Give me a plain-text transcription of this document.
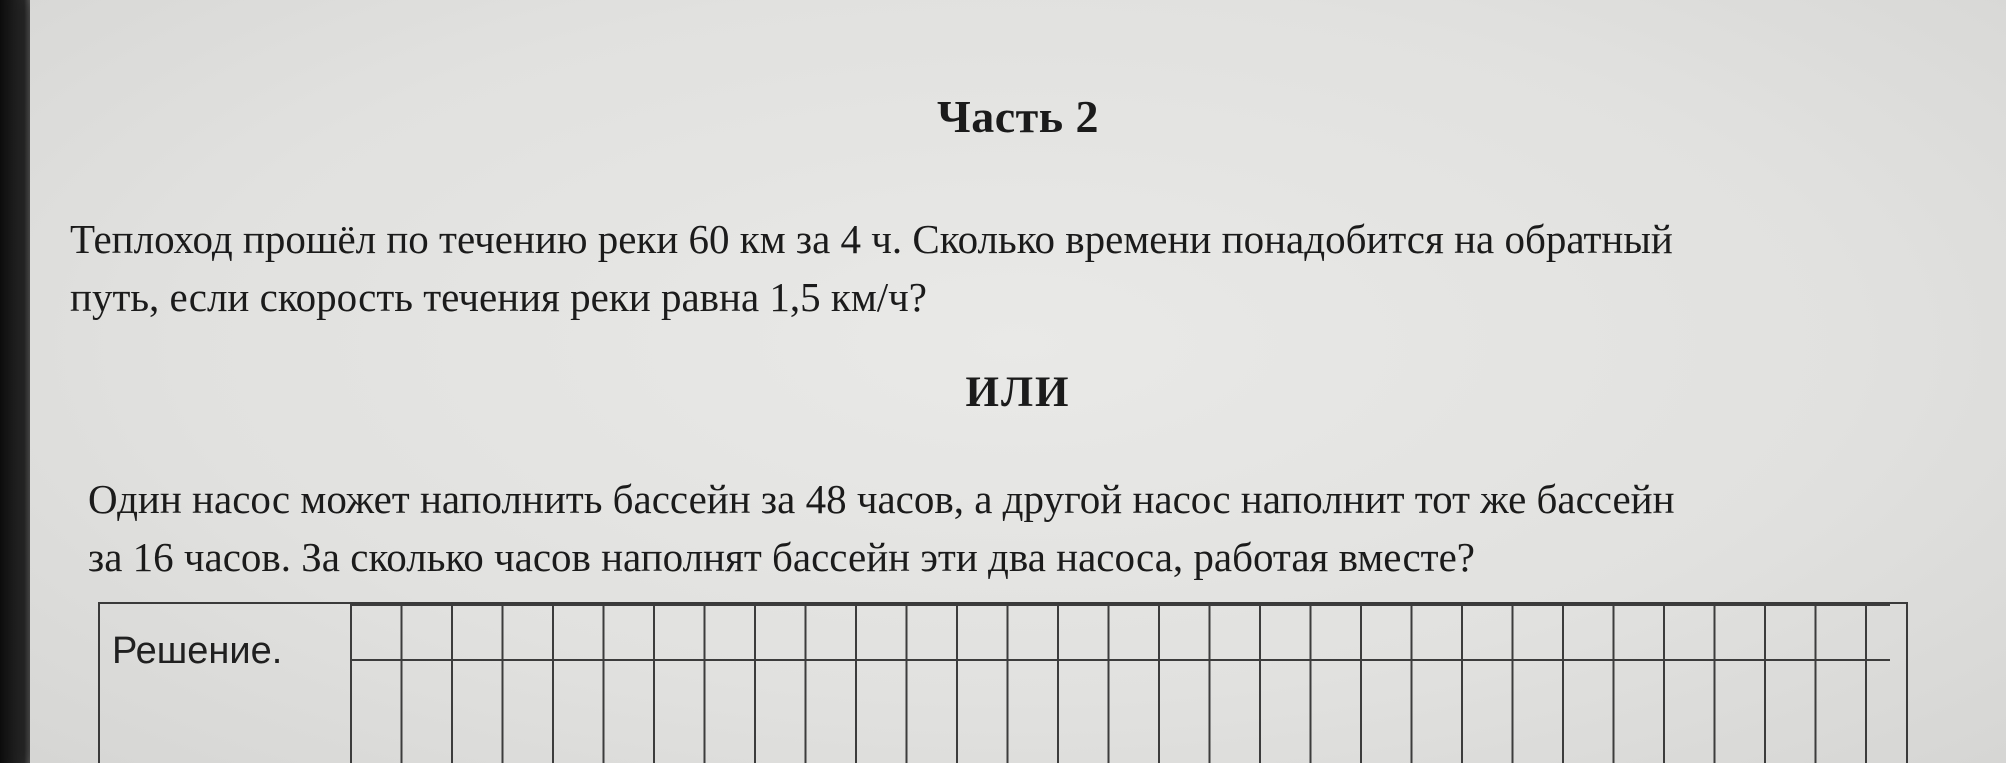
Часть 2
Теплоход прошёл по течению реки 60 км за 4 ч. Сколько времени понадобится на обратный
путь, если скорость течения реки равна 1,5 км/ч?
ИЛИ
Один насос может наполнить бассейн за 48 часов, а другой насос наполнит тот же бассейн
за 16 часов. За сколько часов наполнят бассейн эти два насоса, работая вместе?
Решение.
